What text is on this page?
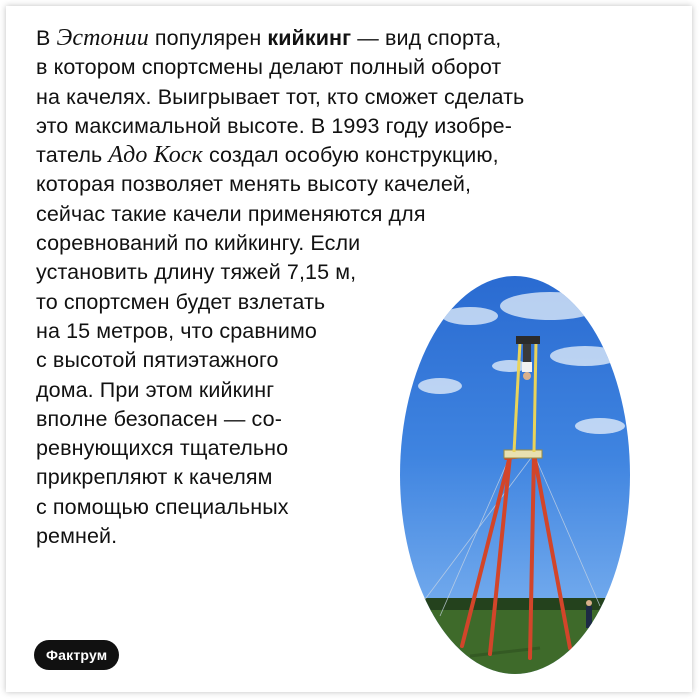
В Эстонии популярен кийкинг — вид спорта,
в котором спортсмены делают полный оборот
на качелях. Выигрывает тот, кто сможет сделать
это максимальной высоте. В 1993 году изобре-
татель Адо Коск создал особую конструкцию,
которая позволяет менять высоту качелей,
сейчас такие качели применяются для
соревнований по кийкингу. Если
установить длину тяжей 7,15 м,
то спортсмен будет взлетать
на 15 метров, что сравнимо
с высотой пятиэтажного
дома. При этом кийкинг
вполне безопасен — со-
ревнующихся тщательно
прикрепляют к качелям
с помощью специальных
ремней.
Фактрум
